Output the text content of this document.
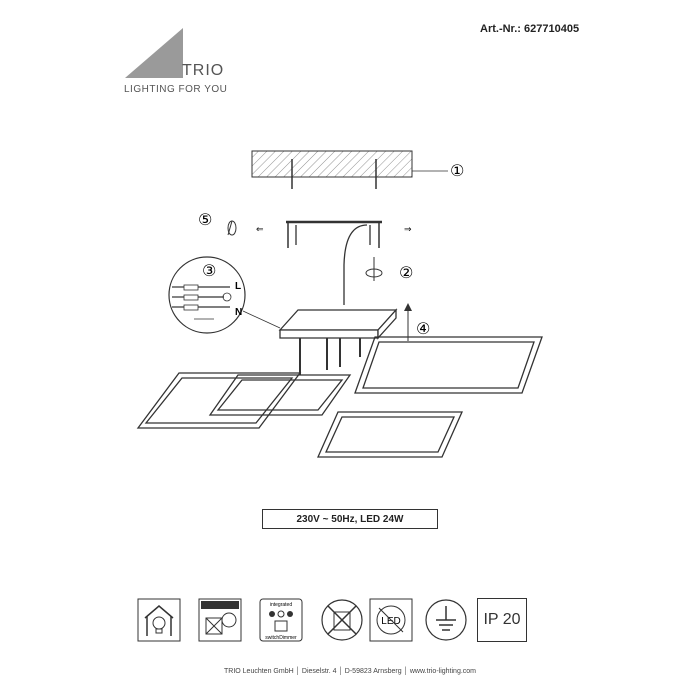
Art.-Nr.: 627710405
TRIO
LIGHTING FOR YOU
①
⑤	⇐	⇒
②
③
L
N
④
230V ~ 50Hz, LED 24W
integrated
switchDimmer
LED	IP 20
TRIO Leuchten GmbH │ Dieselstr. 4 │ D-59823 Arnsberg │ www.trio-lighting.com
